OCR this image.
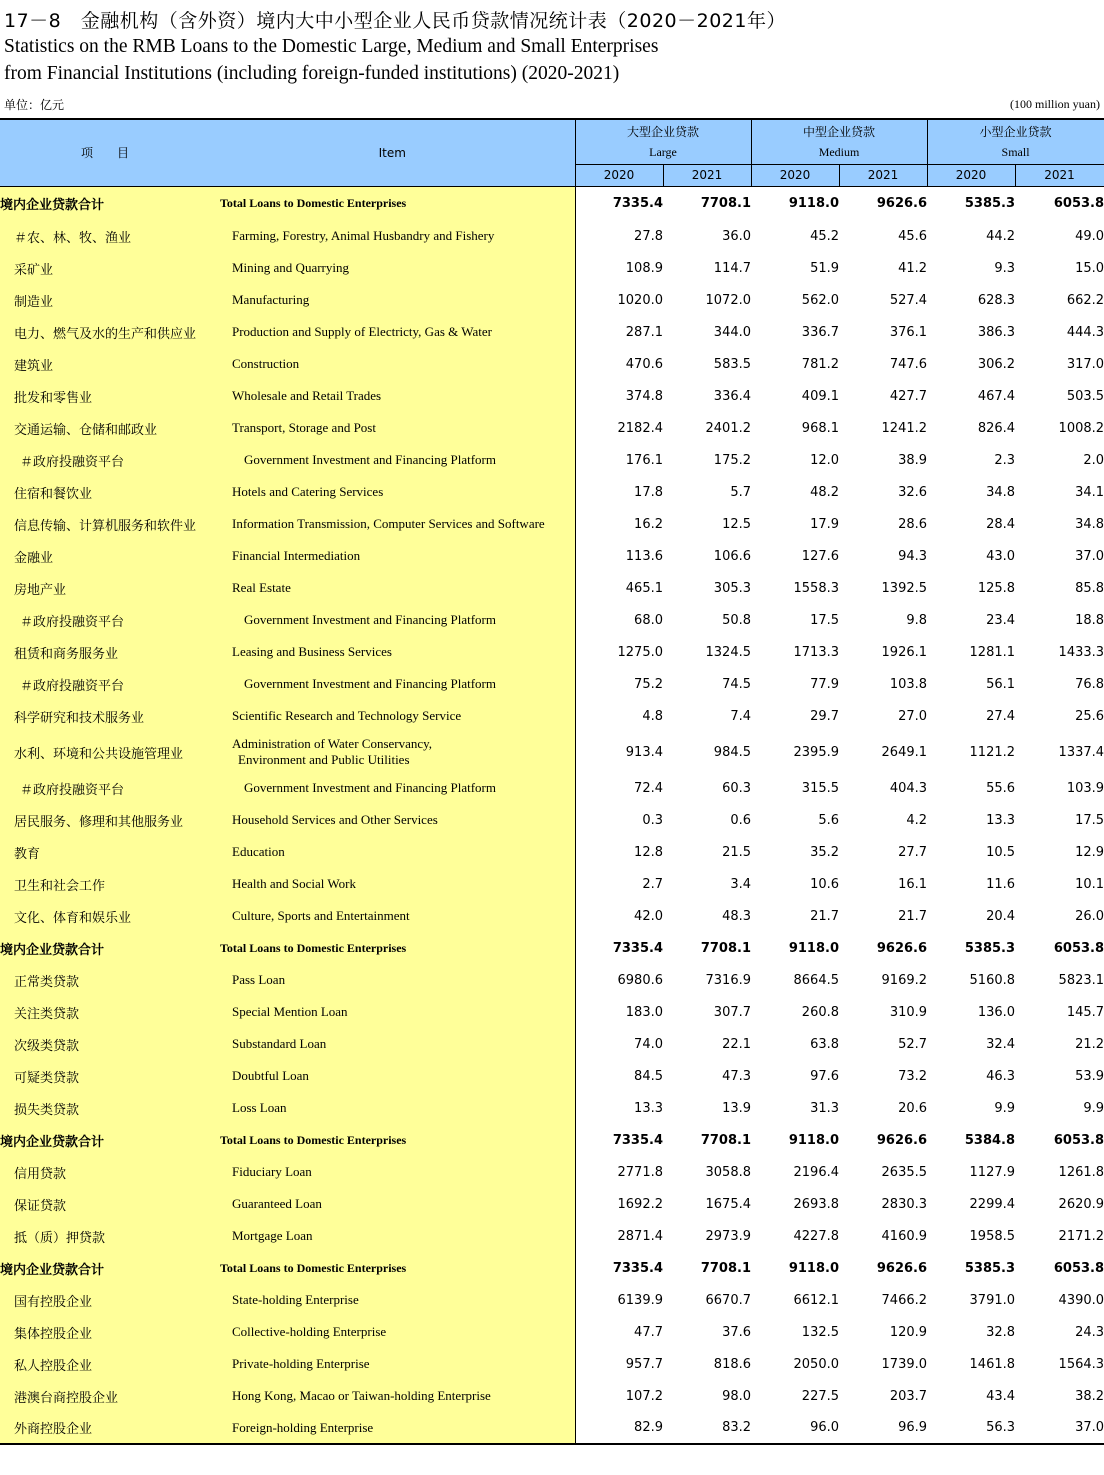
17－8　金融机构（含外资）境内大中小型企业人民币贷款情况统计表（2020－2021年）
Statistics on the RMB Loans to the Domestic Large, Medium and Small Enterprises
from Financial Institutions (including foreign-funded institutions) (2020-2021)
单位：亿元	(100 million yuan)
项　　目	Item	大型企业贷款
Large		中型企业贷款
Medium		小型企业贷款
Small	

		2020	2021	2020	2021	2020	2021
境内企业贷款合计	Total Loans to Domestic Enterprises	7335.4	7708.1	9118.0	9626.6	5385.3	6053.8
＃农、林、牧、渔业	Farming, Forestry, Animal Husbandry and Fishery	27.8	36.0	45.2	45.6	44.2	49.0
采矿业	Mining and Quarrying	108.9	114.7	51.9	41.2	9.3	15.0
制造业	Manufacturing	1020.0	1072.0	562.0	527.4	628.3	662.2
电力、燃气及水的生产和供应业	Production and Supply of Electricty, Gas & Water	287.1	344.0	336.7	376.1	386.3	444.3
建筑业	Construction	470.6	583.5	781.2	747.6	306.2	317.0
批发和零售业	Wholesale and Retail Trades	374.8	336.4	409.1	427.7	467.4	503.5
交通运输、仓储和邮政业	Transport, Storage and Post	2182.4	2401.2	968.1	1241.2	826.4	1008.2
＃政府投融资平台	Government Investment and Financing Platform	176.1	175.2	12.0	38.9	2.3	2.0
住宿和餐饮业	Hotels and Catering Services	17.8	5.7	48.2	32.6	34.8	34.1
信息传输、计算机服务和软件业	Information Transmission, Computer Services and Software	16.2	12.5	17.9	28.6	28.4	34.8
金融业	Financial Intermediation	113.6	106.6	127.6	94.3	43.0	37.0
房地产业	Real Estate	465.1	305.3	1558.3	1392.5	125.8	85.8
＃政府投融资平台	Government Investment and Financing Platform	68.0	50.8	17.5	9.8	23.4	18.8
租赁和商务服务业	Leasing and Business Services	1275.0	1324.5	1713.3	1926.1	1281.1	1433.3
＃政府投融资平台	Government Investment and Financing Platform	75.2	74.5	77.9	103.8	56.1	76.8
科学研究和技术服务业	Scientific Research and Technology Service	4.8	7.4	29.7	27.0	27.4	25.6
水利、环境和公共设施管理业	Administration of Water Conservancy,
Environment and Public Utilities	913.4	984.5	2395.9	2649.1	1121.2	1337.4
＃政府投融资平台	Government Investment and Financing Platform	72.4	60.3	315.5	404.3	55.6	103.9
居民服务、修理和其他服务业	Household Services and Other Services	0.3	0.6	5.6	4.2	13.3	17.5
教育	Education	12.8	21.5	35.2	27.7	10.5	12.9
卫生和社会工作	Health and Social Work	2.7	3.4	10.6	16.1	11.6	10.1
文化、体育和娱乐业	Culture, Sports and Entertainment	42.0	48.3	21.7	21.7	20.4	26.0
境内企业贷款合计	Total Loans to Domestic Enterprises	7335.4	7708.1	9118.0	9626.6	5385.3	6053.8
正常类贷款	Pass Loan	6980.6	7316.9	8664.5	9169.2	5160.8	5823.1
关注类贷款	Special Mention Loan	183.0	307.7	260.8	310.9	136.0	145.7
次级类贷款	Substandard Loan	74.0	22.1	63.8	52.7	32.4	21.2
可疑类贷款	Doubtful Loan	84.5	47.3	97.6	73.2	46.3	53.9
损失类贷款	Loss Loan	13.3	13.9	31.3	20.6	9.9	9.9
境内企业贷款合计	Total Loans to Domestic Enterprises	7335.4	7708.1	9118.0	9626.6	5384.8	6053.8
信用贷款	Fiduciary Loan	2771.8	3058.8	2196.4	2635.5	1127.9	1261.8
保证贷款	Guaranteed Loan	1692.2	1675.4	2693.8	2830.3	2299.4	2620.9
抵（质）押贷款	Mortgage Loan	2871.4	2973.9	4227.8	4160.9	1958.5	2171.2
境内企业贷款合计	Total Loans to Domestic Enterprises	7335.4	7708.1	9118.0	9626.6	5385.3	6053.8
国有控股企业	State-holding Enterprise	6139.9	6670.7	6612.1	7466.2	3791.0	4390.0
集体控股企业	Collective-holding Enterprise	47.7	37.6	132.5	120.9	32.8	24.3
私人控股企业	Private-holding Enterprise	957.7	818.6	2050.0	1739.0	1461.8	1564.3
港澳台商控股企业	Hong Kong, Macao or Taiwan-holding Enterprise	107.2	98.0	227.5	203.7	43.4	38.2
外商控股企业	Foreign-holding Enterprise	82.9	83.2	96.0	96.9	56.3	37.0
